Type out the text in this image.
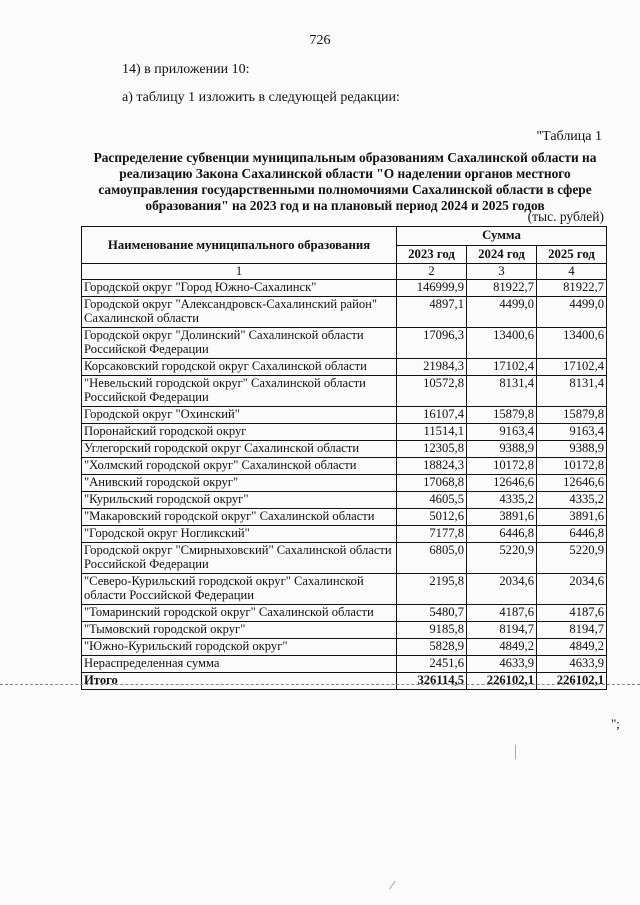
726
14) в приложении 10:
а) таблицу 1 изложить в следующей редакции:
"Таблица 1
Распределение субвенции муниципальным образованиям Сахалинской области на реализацию Закона Сахалинской области "О наделении органов местного самоуправления государственными полномочиями Сахалинской области в сфере образования" на 2023 год и на плановый период 2024 и 2025 годов
(тыс. рублей)
Наименование муниципального образования	Сумма		
	2023 год	2024 год	2025 год
1	2	3	4
Городской округ "Город Южно-Сахалинск"	146999,9	81922,7	81922,7
Городской округ "Александровск-Сахалинский район" Сахалинской области	4897,1	4499,0	4499,0
Городской округ "Долинский" Сахалинской области Российской Федерации	17096,3	13400,6	13400,6
Корсаковский городской округ Сахалинской области	21984,3	17102,4	17102,4
"Невельский городской округ" Сахалинской области Российской Федерации	10572,8	8131,4	8131,4
Городской округ "Охинский"	16107,4	15879,8	15879,8
Поронайский городской округ	11514,1	9163,4	9163,4
Углегорский городской округ Сахалинской области	12305,8	9388,9	9388,9
"Холмский городской округ" Сахалинской области	18824,3	10172,8	10172,8
"Анивский городской округ"	17068,8	12646,6	12646,6
"Курильский городской округ"	4605,5	4335,2	4335,2
"Макаровский городской округ" Сахалинской области	5012,6	3891,6	3891,6
"Городской округ Ногликский"	7177,8	6446,8	6446,8
Городской округ "Смирныховский" Сахалинской области Российской Федерации	6805,0	5220,9	5220,9
"Северо-Курильский городской округ" Сахалинской области Российской Федерации	2195,8	2034,6	2034,6
"Томаринский городской округ" Сахалинской области	5480,7	4187,6	4187,6
"Тымовский городской округ"	9185,8	8194,7	8194,7
"Южно-Курильский городской округ"	5828,9	4849,2	4849,2
Нераспределенная сумма	2451,6	4633,9	4633,9
Итого	326114,5	226102,1	226102,1
";
